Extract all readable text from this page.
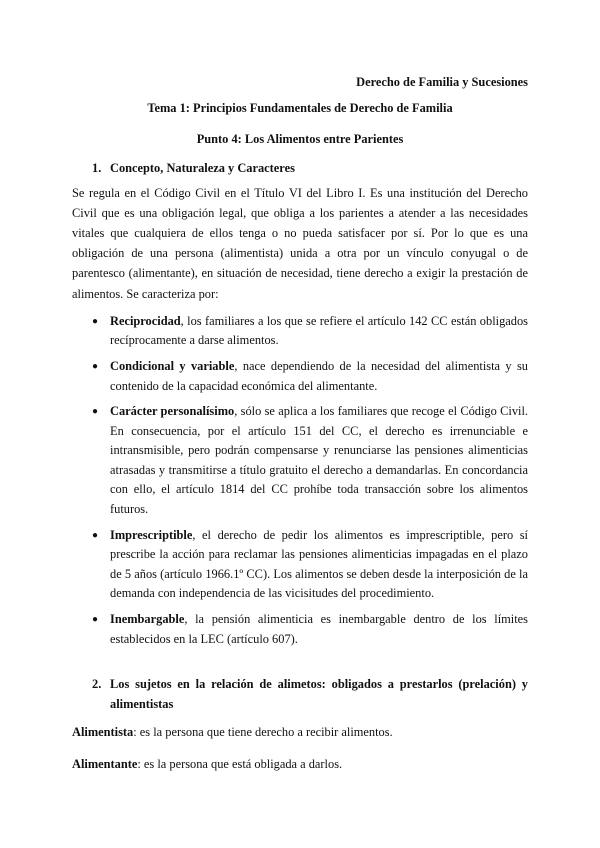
Derecho de Familia y Sucesiones
Tema 1: Principios Fundamentales de Derecho de Familia
Punto 4: Los Alimentos entre Parientes
1. Concepto, Naturaleza y Caracteres
Se regula en el Código Civil en el Título VI del Libro I. Es una institución del Derecho Civil que es una obligación legal, que obliga a los parientes a atender a las necesidades vitales que cualquiera de ellos tenga o no pueda satisfacer por sí. Por lo que es una obligación de una persona (alimentista) unida a otra por un vínculo conyugal o de parentesco (alimentante), en situación de necesidad, tiene derecho a exigir la prestación de alimentos. Se caracteriza por:
● Reciprocidad, los familiares a los que se refiere el artículo 142 CC están obligados recíprocamente a darse alimentos.
● Condicional y variable, nace dependiendo de la necesidad del alimentista y su contenido de la capacidad económica del alimentante.
● Carácter personalísimo, sólo se aplica a los familiares que recoge el Código Civil. En consecuencia, por el artículo 151 del CC, el derecho es irrenunciable e intransmisible, pero podrán compensarse y renunciarse las pensiones alimenticias atrasadas y transmitirse a título gratuito el derecho a demandarlas. En concordancia con ello, el artículo 1814 del CC prohíbe toda transacción sobre los alimentos futuros.
● Imprescriptible, el derecho de pedir los alimentos es imprescriptible, pero sí prescribe la acción para reclamar las pensiones alimenticias impagadas en el plazo de 5 años (artículo 1966.1º CC). Los alimentos se deben desde la interposición de la demanda con independencia de las vicisitudes del procedimiento.
● Inembargable, la pensión alimenticia es inembargable dentro de los límites establecidos en la LEC (artículo 607).
2. Los sujetos en la relación de alimetos: obligados a prestarlos (prelación) y alimentistas
Alimentista: es la persona que tiene derecho a recibir alimentos.
Alimentante: es la persona que está obligada a darlos.
